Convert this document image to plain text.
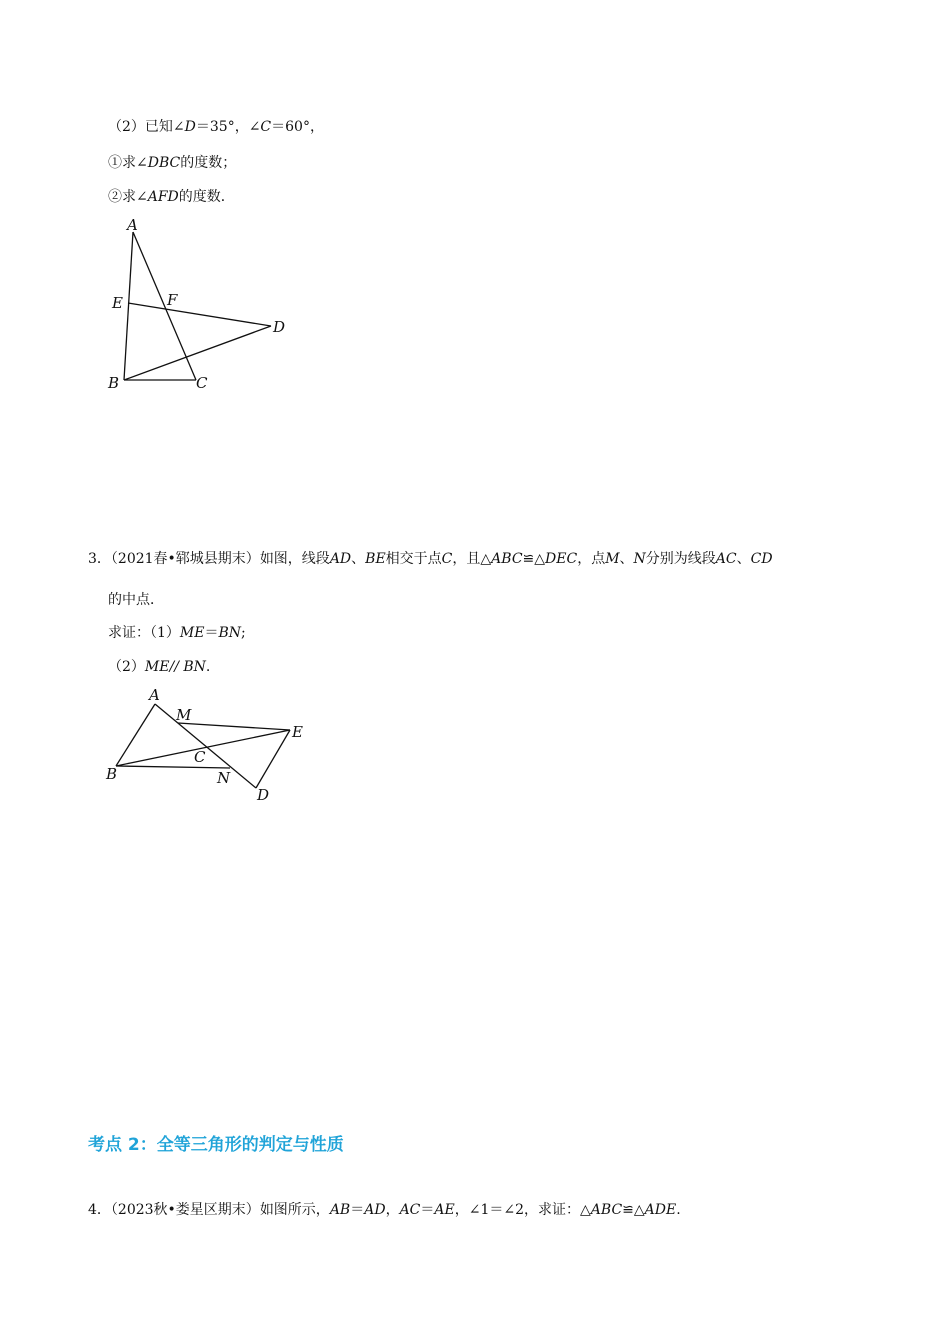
（2）已知∠D＝35°，∠C＝60°，
①求∠DBC的度数；
②求∠AFD的度数．
A
E	F
D
B	C
3．（2021春•郓城县期末）如图，线段AD、BE相交于点C，且△ABC≌△DEC，点M、N分别为线段AC、CD
的中点．
求证：（1）ME＝BN;
（2）ME// BN.
A
M
E
C
B	N
D
考点 2：全等三角形的判定与性质
4．（2023秋•娄星区期末）如图所示，AB＝AD，AC＝AE，∠1＝∠2，求证：△ABC≌△ADE.
